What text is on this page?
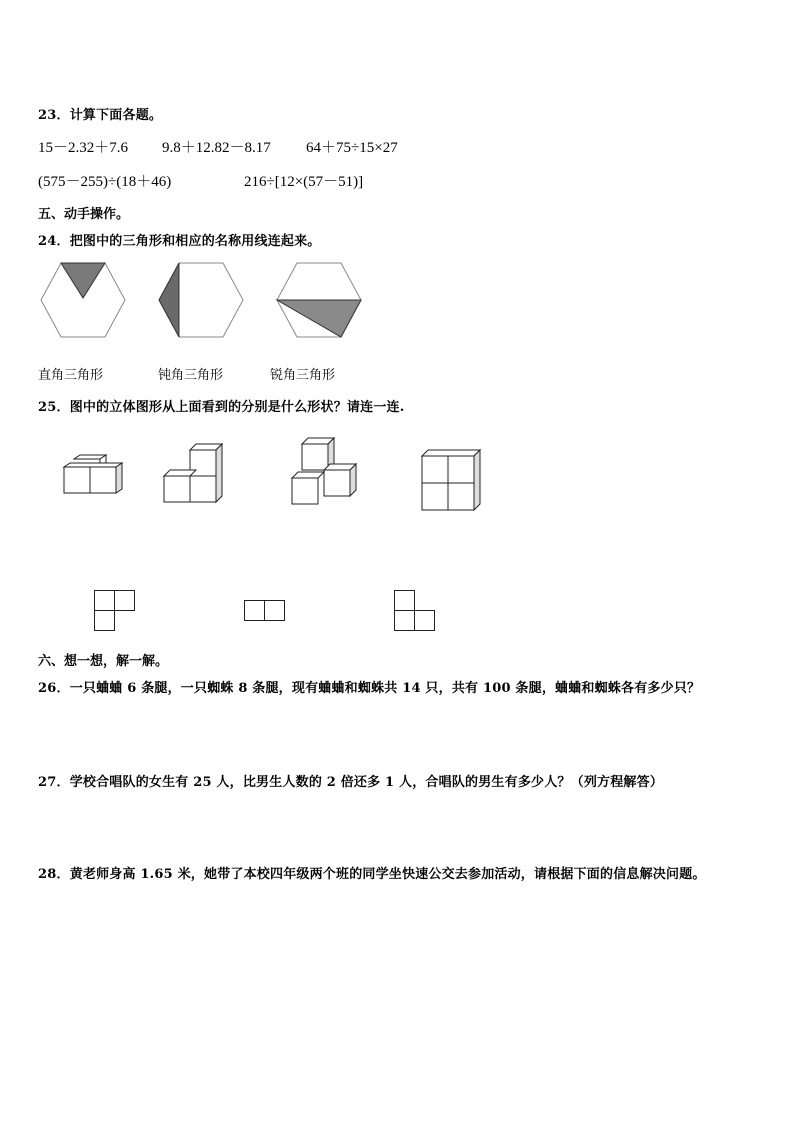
23．计算下面各题。
15－2.32＋7.6 9.8＋12.82－8.17 64＋75÷15×27
(575－255)÷(18＋46)	216÷[12×(57－51)]
五、动手操作。
24．把图中的三角形和相应的名称用线连起来。
直角三角形	钝角三角形	锐角三角形
25．图中的立体图形从上面看到的分别是什么形状？请连一连.
六、想一想，解一解。
26．一只蛐蛐 6 条腿，一只蜘蛛 8 条腿，现有蛐蛐和蜘蛛共 14 只，共有 100 条腿，蛐蛐和蜘蛛各有多少只？
27．学校合唱队的女生有 25 人，比男生人数的 2 倍还多 1 人，合唱队的男生有多少人？（列方程解答）
28．黄老师身高 1.65 米，她带了本校四年级两个班的同学坐快速公交去参加活动，请根据下面的信息解决问题。
